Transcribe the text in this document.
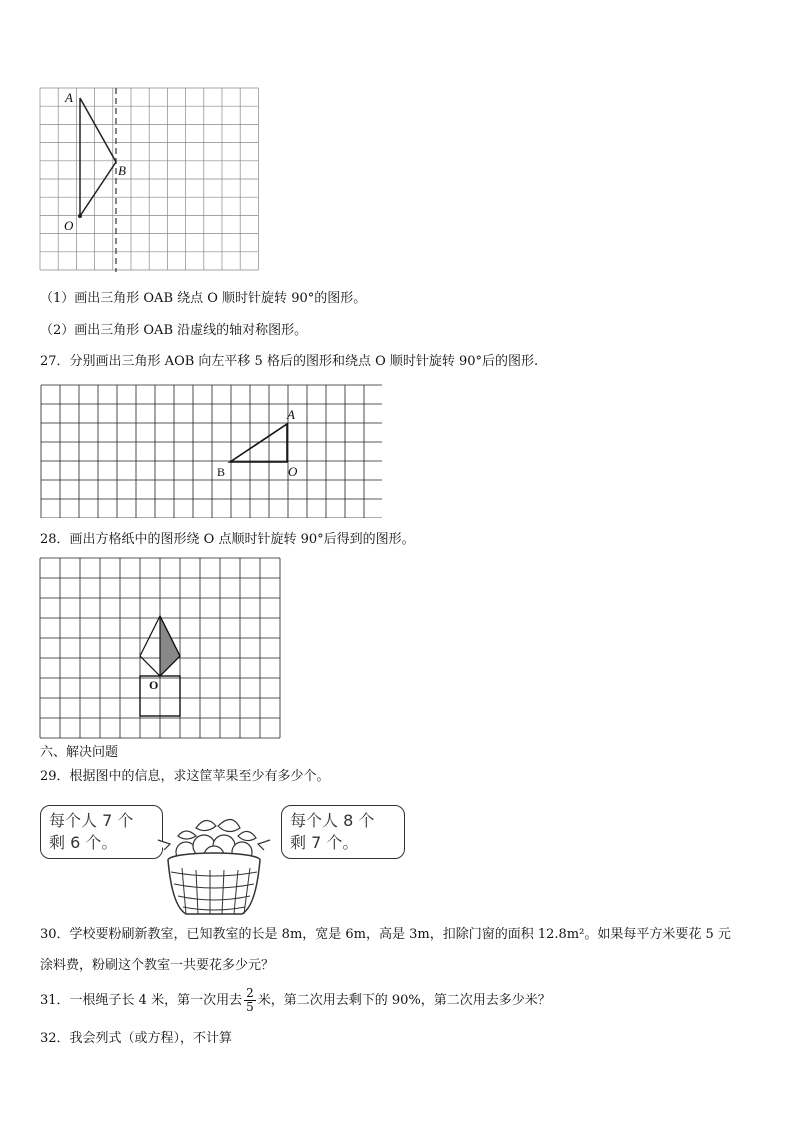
A
B
O
（1）画出三角形 OAB 绕点 O 顺时针旋转 90°的图形。
（2）画出三角形 OAB 沿虚线的轴对称图形。
27．分别画出三角形 AOB 向左平移 5 格后的图形和绕点 O 顺时针旋转 90°后的图形.
A
B	O
28．画出方格纸中的图形绕 O 点顺时针旋转 90°后得到的图形。
O
六、解决问题
29．根据图中的信息，求这筐苹果至少有多少个。
每个人 7 个
剩 6 个。
每个人 8 个
剩 7 个。
30．学校要粉刷新教室，已知教室的长是 8m，宽是 6m，高是 3m，扣除门窗的面积 12.8m²。如果每平方米要花 5 元
涂料费，粉刷这个教室一共要花多少元？
31．一根绳子长 4 米，第一次用去 $\frac{2}{5}$ 米，第二次用去剩下的 90%，第二次用去多少米？
32．我会列式（或方程），不计算
